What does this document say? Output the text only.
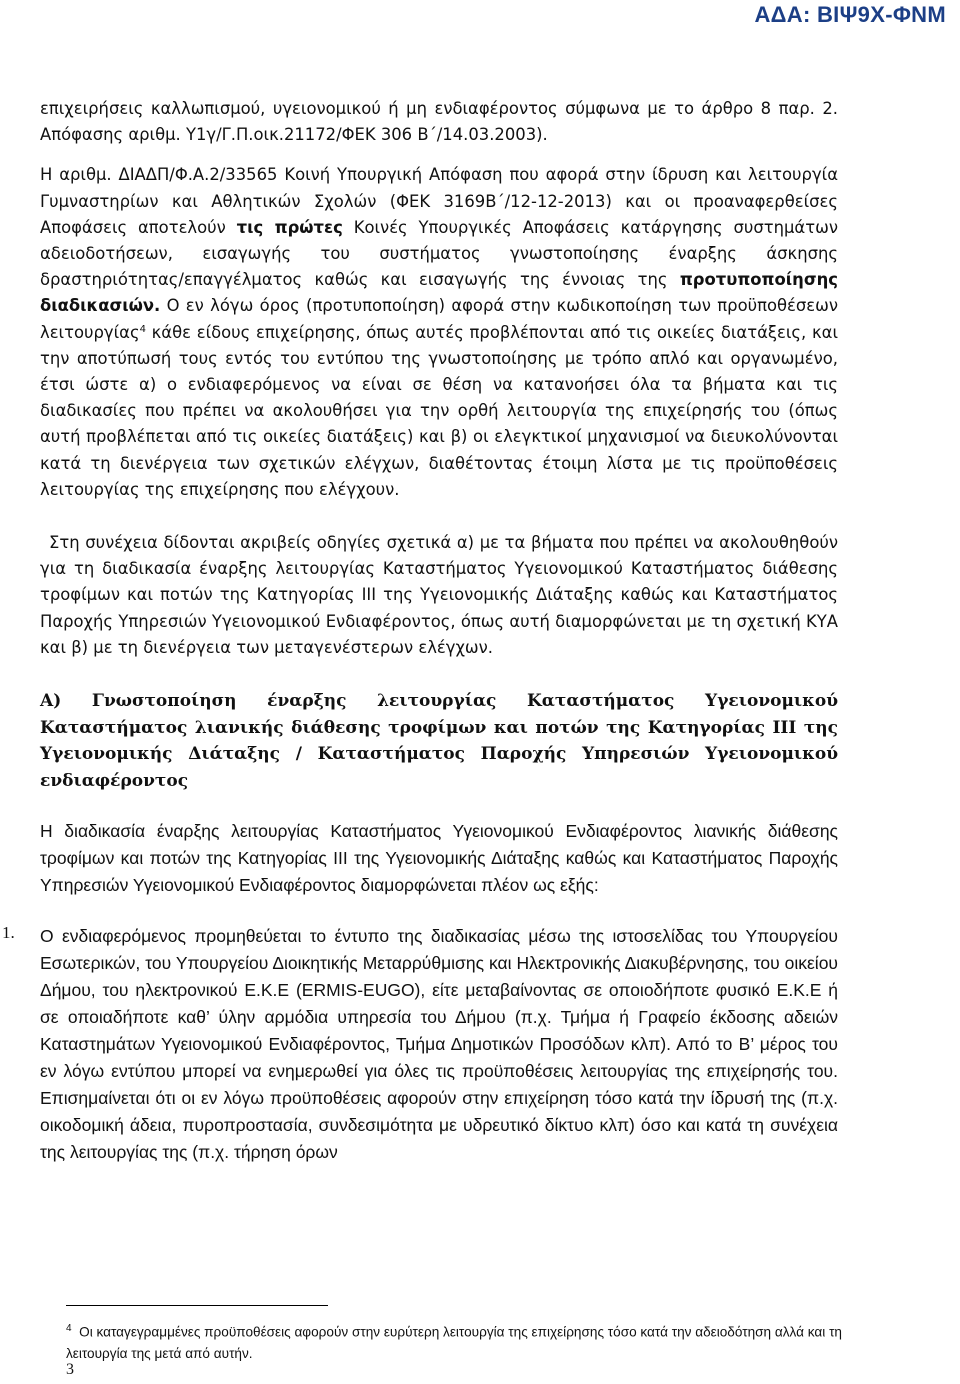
ΑΔΑ: ΒΙΨ9Χ-ΦΝΜ

επιχειρήσεις καλλωπισμού, υγειονομικού ή μη ενδιαφέροντος σύμφωνα με το άρθρο 8 παρ. 2. Απόφασης αριθμ. Υ1γ/Γ.Π.οικ.21172/ΦΕΚ 306 Β΄/14.03.2003).

Η αριθμ. ΔΙΑΔΠ/Φ.Α.2/33565 Κοινή Υπουργική Απόφαση που αφορά στην ίδρυση και λειτουργία Γυμναστηρίων και Αθλητικών Σχολών (ΦΕΚ 3169Β΄/12-12-2013) και οι προαναφερθείσες Αποφάσεις αποτελούν τις πρώτες Κοινές Υπουργικές Αποφάσεις κατάργησης συστημάτων αδειοδοτήσεων, εισαγωγής του συστήματος γνωστοποίησης έναρξης άσκησης δραστηριότητας/επαγγέλματος καθώς και εισαγωγής της έννοιας της προτυποποίησης διαδικασιών. Ο εν λόγω όρος (προτυποποίηση) αφορά στην κωδικοποίηση των προϋποθέσεων λειτουργίας$^4$ κάθε είδους επιχείρησης, όπως αυτές προβλέπονται από τις οικείες διατάξεις, και την αποτύπωσή τους εντός του εντύπου της γνωστοποίησης με τρόπο απλό και οργανωμένο, έτσι ώστε α) ο ενδιαφερόμενος να είναι σε θέση να κατανοήσει όλα τα βήματα και τις διαδικασίες που πρέπει να ακολουθήσει για την ορθή λειτουργία της επιχείρησής του (όπως αυτή προβλέπεται από τις οικείες διατάξεις) και β) οι ελεγκτικοί μηχανισμοί να διευκολύνονται κατά τη διενέργεια των σχετικών ελέγχων, διαθέτοντας έτοιμη λίστα με τις προϋποθέσεις λειτουργίας της επιχείρησης που ελέγχουν.

Στη συνέχεια δίδονται ακριβείς οδηγίες σχετικά α) με τα βήματα που πρέπει να ακολουθηθούν για τη διαδικασία έναρξης λειτουργίας Καταστήματος Υγειονομικού Καταστήματος διάθεσης τροφίμων και ποτών της Κατηγορίας ΙΙΙ της Υγειονομικής Διάταξης καθώς και Καταστήματος Παροχής Υπηρεσιών Υγειονομικού Ενδιαφέροντος, όπως αυτή διαμορφώνεται με τη σχετική ΚΥΑ και β) με τη διενέργεια των μεταγενέστερων ελέγχων.

Α) Γνωστοποίηση έναρξης λειτουργίας Καταστήματος Υγειονομικού Καταστήματος λιανικής διάθεσης τροφίμων και ποτών της Κατηγορίας ΙΙΙ της Υγειονομικής Διάταξης / Καταστήματος Παροχής Υπηρεσιών Υγειονομικού ενδιαφέροντος

Η διαδικασία έναρξης λειτουργίας Καταστήματος Υγειονομικού Ενδιαφέροντος λιανικής διάθεσης τροφίμων και ποτών της Κατηγορίας ΙΙΙ της Υγειονομικής Διάταξης καθώς και Καταστήματος Παροχής Υπηρεσιών Υγειονομικού Ενδιαφέροντος διαμορφώνεται πλέον ως εξής:

1. Ο ενδιαφερόμενος προμηθεύεται το έντυπο της διαδικασίας μέσω της ιστοσελίδας του Υπουργείου Εσωτερικών, του Υπουργείου Διοικητικής Μεταρρύθμισης και Ηλεκτρονικής Διακυβέρνησης, του οικείου Δήμου, του ηλεκτρονικού Ε.Κ.Ε (ERMIS-EUGO), είτε μεταβαίνοντας σε οποιοδήποτε φυσικό Ε.Κ.Ε ή σε οποιαδήποτε καθ’ ύλην αρμόδια υπηρεσία του Δήμου (π.χ. Τμήμα ή Γραφείο έκδοσης αδειών Καταστημάτων Υγειονομικού Ενδιαφέροντος, Τμήμα Δημοτικών Προσόδων κλπ). Από το Β’ μέρος του εν λόγω εντύπου μπορεί να ενημερωθεί για όλες τις προϋποθέσεις λειτουργίας της επιχείρησής του. Επισημαίνεται ότι οι εν λόγω προϋποθέσεις αφορούν στην επιχείρηση τόσο κατά την ίδρυσή της (π.χ. οικοδομική άδεια, πυροπροστασία, συνδεσιμότητα με υδρευτικό δίκτυο κλπ) όσο και κατά τη συνέχεια της λειτουργίας της (π.χ. τήρηση όρων

$^4$ Οι καταγεγραμμένες προϋποθέσεις αφορούν στην ευρύτερη λειτουργία της επιχείρησης τόσο κατά την αδειοδότηση αλλά και τη λειτουργία της μετά από αυτήν.
3
